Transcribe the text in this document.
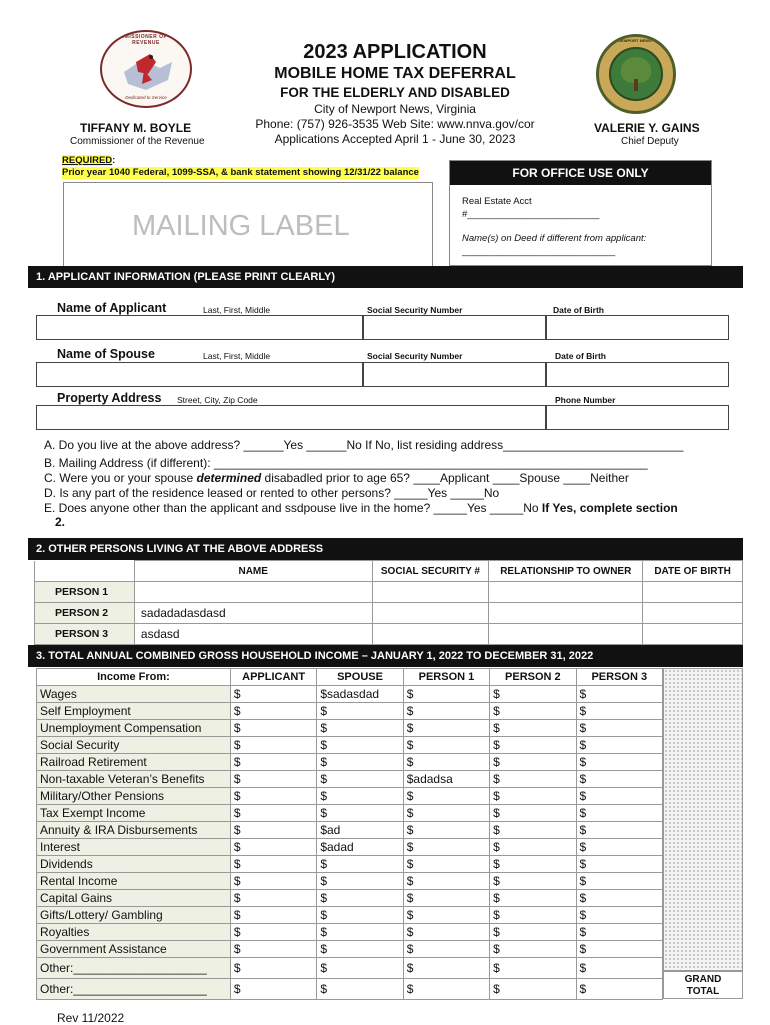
COMMISSIONER OF THE REVENUE
Dedicated to Service
CITY OF NEWPORT NEWS VIRGINIA
2023 APPLICATION
MOBILE HOME TAX DEFERRAL
FOR THE ELDERLY AND DISABLED
City of Newport News, Virginia
Phone: (757) 926-3535 Web Site: www.nnva.gov/cor
Applications Accepted April 1 - June 30, 2023
TIFFANY M. BOYLE
Commissioner of the Revenue
VALERIE Y. GAINS
Chief Deputy
REQUIRED:
Prior year 1040 Federal, 1099-SSA, & bank statement showing 12/31/22 balance
MAILING LABEL
FOR OFFICE USE ONLY
Real Estate Acct
#_________________________
Name(s) on Deed if different from applicant:
_____________________________
1. APPLICANT INFORMATION (PLEASE PRINT CLEARLY)
Name of Applicant	Last, First, Middle	Social Security Number	Date of Birth
Name of Spouse	Last, First, Middle	Social Security Number	Date of Birth
Property Address Street, City, Zip Code	Phone Number
A. Do you live at the above address? ______Yes ______No If No, list residing address___________________________
B. Mailing Address (if different): _________________________________________________________________
C. Were you or your spouse determined disabadled prior to age 65? ____Applicant ____Spouse ____Neither
D. Is any part of the residence leased or rented to other persons? _____Yes _____No
E. Does anyone other than the applicant and ssdpouse live in the home? _____Yes _____No If Yes, complete section
2.
2. OTHER PERSONS LIVING AT THE ABOVE ADDRESS
	NAME	SOCIAL SECURITY #	RELATIONSHIP TO OWNER	DATE OF BIRTH
PERSON 1				
PERSON 2	sadadadasdasd			
PERSON 3	asdasd			
3. TOTAL ANNUAL COMBINED GROSS HOUSEHOLD INCOME – JANUARY 1, 2022 TO DECEMBER 31, 2022
Income From:	APPLICANT	SPOUSE	PERSON 1	PERSON 2	PERSON 3
Wages	$	$sadasdad	$	$	$
Self Employment	$	$	$	$	$
Unemployment Compensation	$	$	$	$	$
Social Security	$	$	$	$	$
Railroad Retirement	$	$	$	$	$
Non-taxable Veteran’s Benefits	$	$	$adadsa	$	$
Military/Other Pensions	$	$	$	$	$
Tax Exempt Income	$	$	$	$	$
Annuity & IRA Disbursements	$	$ad	$	$	$
Interest	$	$adad	$	$	$
Dividends	$	$	$	$	$
Rental Income	$	$	$	$	$
Capital Gains	$	$	$	$	$
Gifts/Lottery/ Gambling	$	$	$	$	$
Royalties	$	$	$	$	$
Government Assistance	$	$	$	$	$
Other:____________________	$	$	$	$	$
Other:____________________	$	$	$	$	$
GRAND
TOTAL
Rev 11/2022
